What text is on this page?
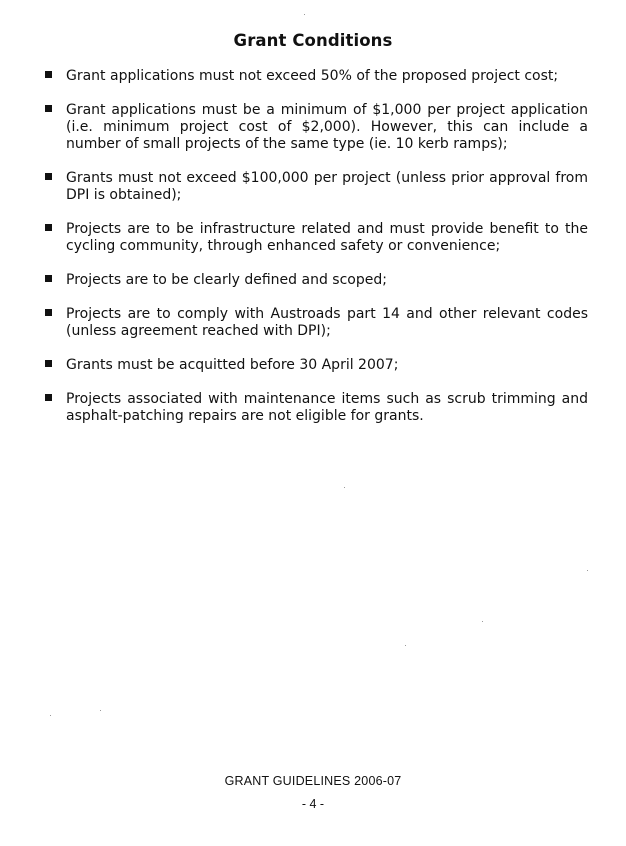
Grant Conditions
Grant applications must not exceed 50% of the proposed project cost;
Grant applications must be a minimum of $1,000 per project application (i.e. minimum project cost of $2,000). However, this can include a number of small projects of the same type (ie. 10 kerb ramps);
Grants must not exceed $100,000 per project (unless prior approval from DPI is obtained);
Projects are to be infrastructure related and must provide benefit to the cycling community, through enhanced safety or convenience;
Projects are to be clearly defined and scoped;
Projects are to comply with Austroads part 14 and other relevant codes (unless agreement reached with DPI);
Grants must be acquitted before 30 April 2007;
Projects associated with maintenance items such as scrub trimming and asphalt-patching repairs are not eligible for grants.
GRANT GUIDELINES 2006-07
- 4 -
